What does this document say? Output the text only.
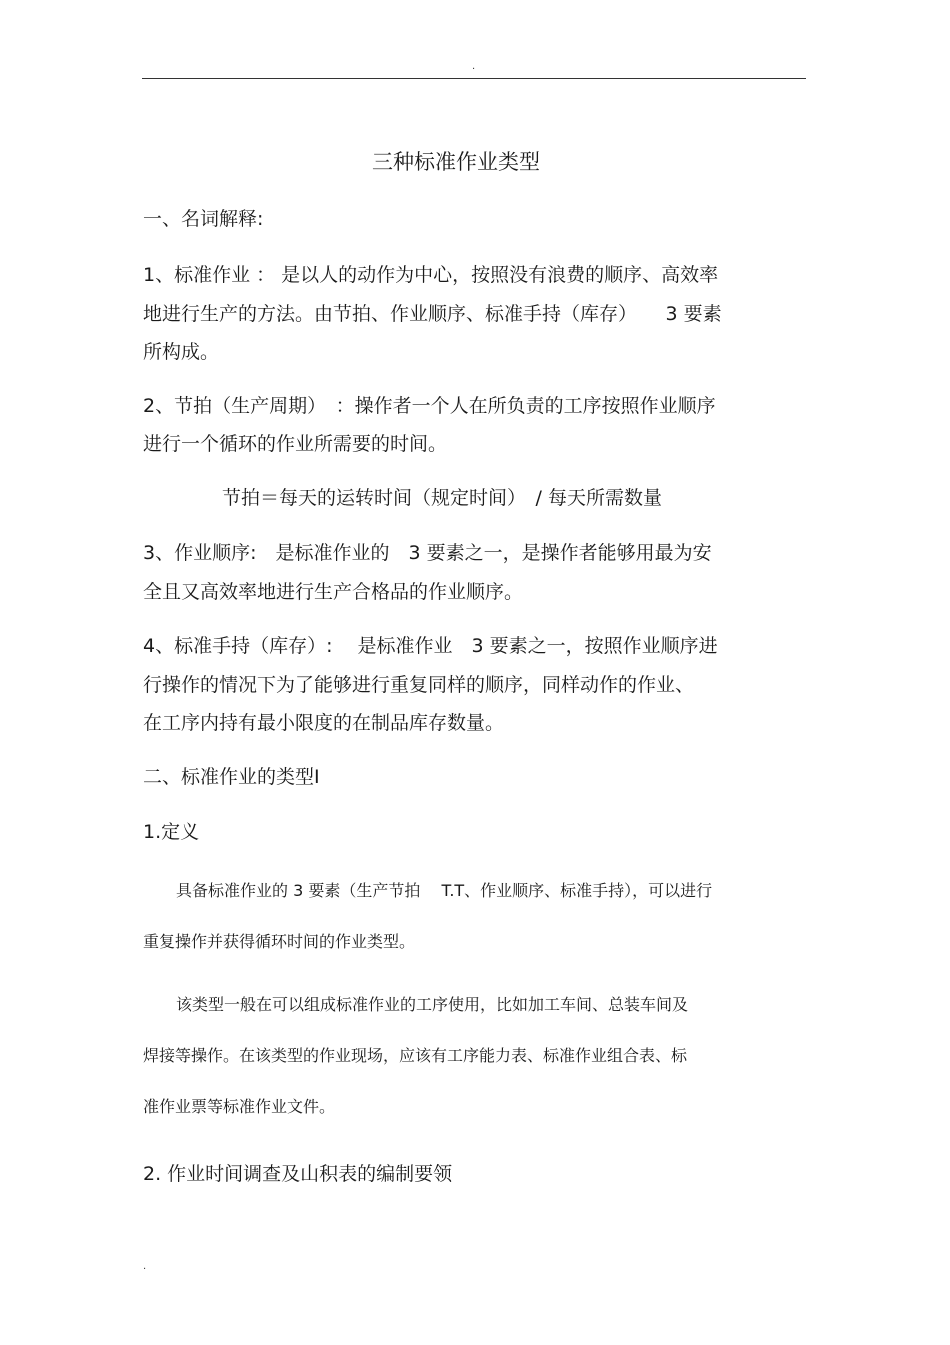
.
三种标准作业类型
一、名词解释:
1、标准作业 ： 是以人的动作为中心，按照没有浪费的顺序、高效率
地进行生产的方法。由节拍、作业顺序、标准手持（库存）　　3 要素
所构成。
2、节拍（生产周期）　：操作者一个人在所负责的工序按照作业顺序
进行一个循环的作业所需要的时间。
节拍＝每天的运转时间（规定时间）　/ 每天所需数量
3、作业顺序:　是标准作业的　3 要素之一，是操作者能够用最为安
全且又高效率地进行生产合格品的作业顺序。
4、标准手持（库存）:　 是标准作业　3 要素之一，按照作业顺序进
行操作的情况下为了能够进行重复同样的顺序，同样动作的作业、
在工序内持有最小限度的在制品库存数量。
二、标准作业的类型Ⅰ
1.定义
具备标准作业的 3 要素（生产节拍　 T.T、作业顺序、标准手持），可以进行
重复操作并获得循环时间的作业类型。
该类型一般在可以组成标准作业的工序使用，比如加工车间、总装车间及
焊接等操作。在该类型的作业现场，应该有工序能力表、标准作业组合表、标
准作业票等标准作业文件。
2. 作业时间调查及山积表的编制要领
.
